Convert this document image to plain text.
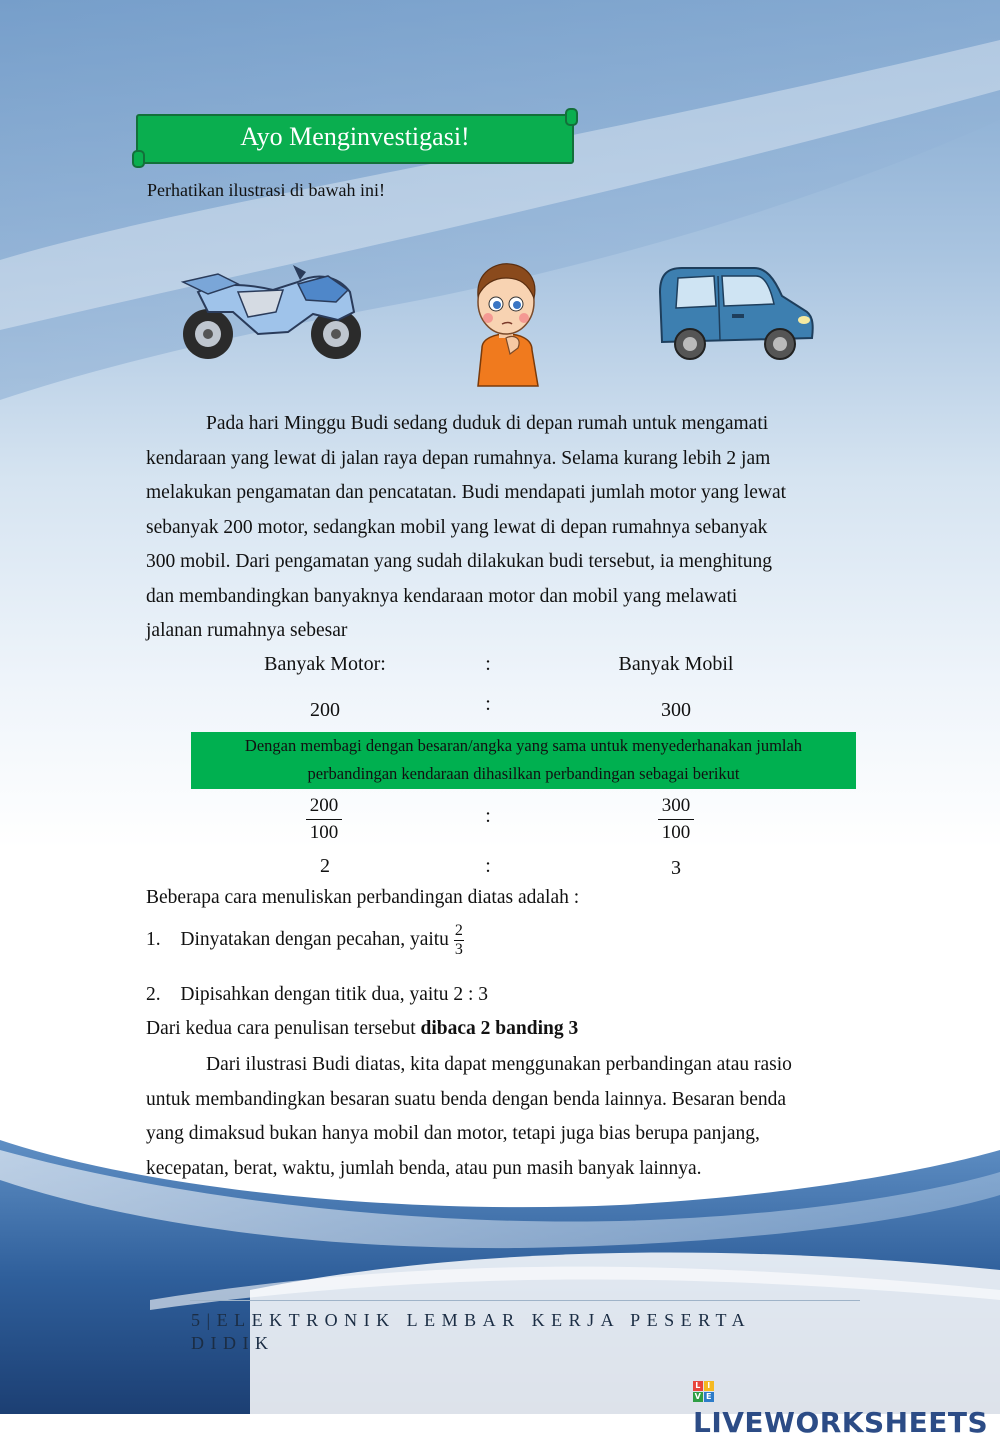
Ayo Menginvestigasi!
Perhatikan ilustrasi di bawah ini!
Pada hari Minggu Budi sedang duduk di depan rumah untuk mengamati
kendaraan yang lewat di jalan raya depan rumahnya. Selama kurang lebih 2 jam
melakukan pengamatan dan pencatatan. Budi mendapati jumlah motor yang lewat
sebanyak 200 motor, sedangkan mobil yang lewat di depan rumahnya sebanyak
300 mobil. Dari pengamatan yang sudah dilakukan budi tersebut, ia menghitung
dan membandingkan banyaknya kendaraan motor dan mobil yang melawati
jalanan rumahnya sebesar
Banyak Motor:	:	Banyak Mobil
200	:	300
Dengan membagi dengan besaran/angka yang sama untuk menyederhanakan jumlah
perbandingan kendaraan dihasilkan perbandingan sebagai berikut
$\frac{200}{100}$	:	$\frac{300}{100}$
2	:	3
Beberapa cara menuliskan perbandingan diatas adalah :
1. Dinyatakan dengan pecahan, yaitu $\frac{2}{3}$
2. Dipisahkan dengan titik dua, yaitu 2 : 3
Dari kedua cara penulisan tersebut dibaca 2 banding 3
Dari ilustrasi Budi diatas, kita dapat menggunakan perbandingan atau rasio
untuk membandingkan besaran suatu benda dengan benda lainnya. Besaran benda
yang dimaksud bukan hanya mobil dan motor, tetapi juga bias berupa panjang,
kecepatan, berat, waktu, jumlah benda, atau pun masih banyak lainnya.
5|ELEKTRONIK LEMBAR KERJA PESERTA DIDIK
L I
V E
LIVEWORKSHEETS
